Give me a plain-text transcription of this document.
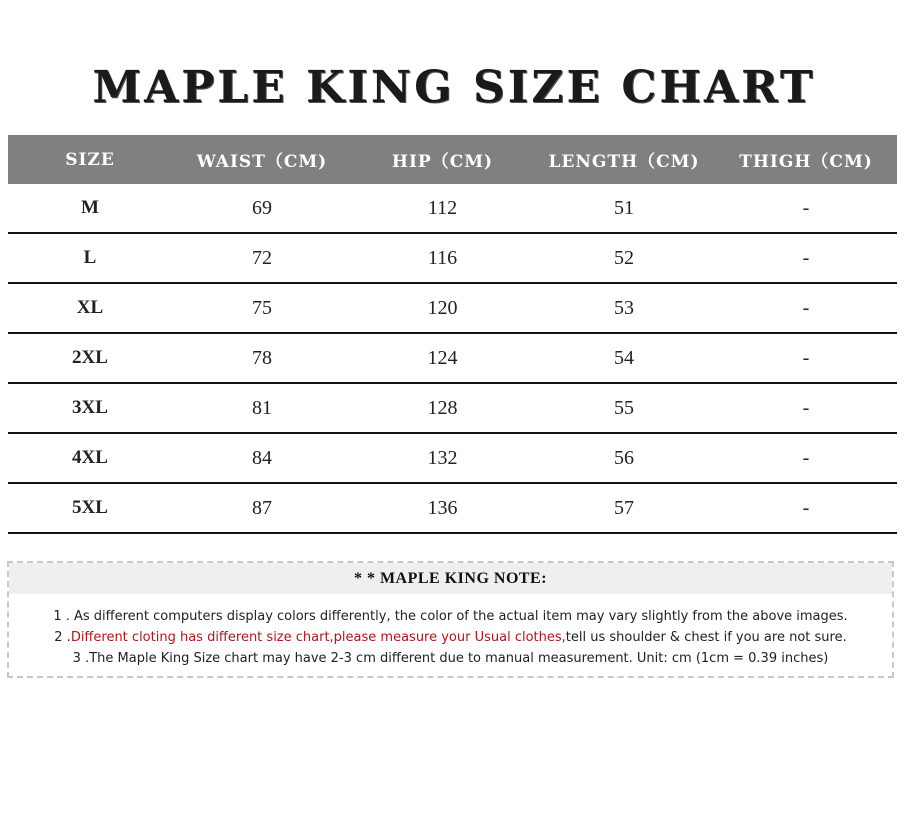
MAPLE KING SIZE CHART
SIZE	WAIST（CM)	HIP（CM)	LENGTH（CM)	THIGH（CM)
M	69	112	51	-
L	72	116	52	-
XL	75	120	53	-
2XL	78	124	54	-
3XL	81	128	55	-
4XL	84	132	56	-
5XL	87	136	57	-
* * MAPLE KING NOTE:
1 . As different computers display colors differently, the color of the actual item may vary slightly from the above images.
2 .Different cloting has different size chart,please measure your Usual clothes,tell us shoulder & chest if you are not sure.
3 .The Maple King Size chart may have 2-3 cm different due to manual measurement. Unit: cm (1cm = 0.39 inches)
